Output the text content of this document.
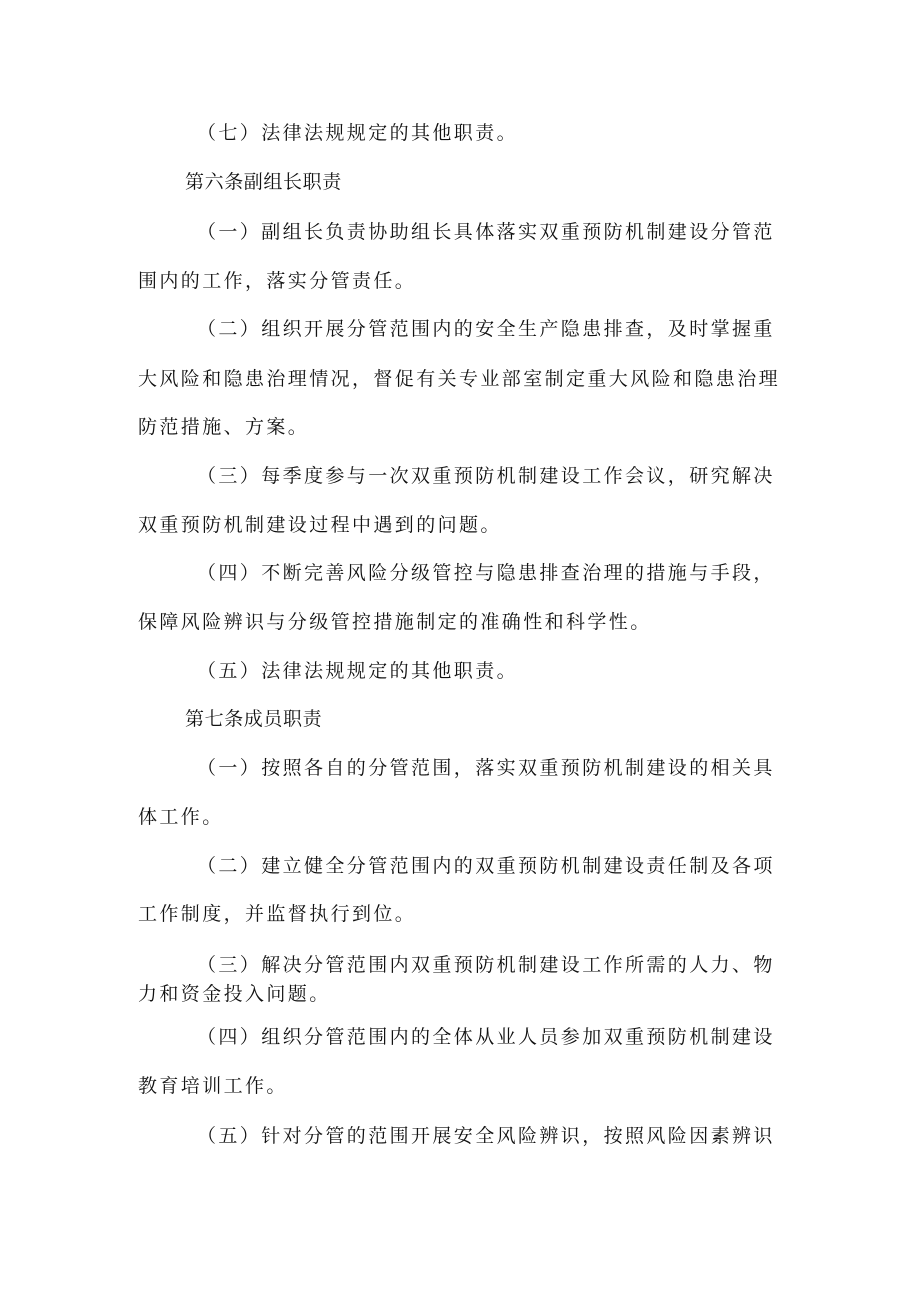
（七）法律法规规定的其他职责。
第六条副组长职责
（一）副组长负责协助组长具体落实双重预防机制建设分管范
围内的工作，落实分管责任。
（二）组织开展分管范围内的安全生产隐患排查，及时掌握重
大风险和隐患治理情况，督促有关专业部室制定重大风险和隐患治理
防范措施、方案。
（三）每季度参与一次双重预防机制建设工作会议，研究解决
双重预防机制建设过程中遇到的问题。
（四）不断完善风险分级管控与隐患排查治理的措施与手段，
保障风险辨识与分级管控措施制定的准确性和科学性。
（五）法律法规规定的其他职责。
第七条成员职责
（一）按照各自的分管范围，落实双重预防机制建设的相关具
体工作。
（二）建立健全分管范围内的双重预防机制建设责任制及各项
工作制度，并监督执行到位。
（三）解决分管范围内双重预防机制建设工作所需的人力、物
力和资金投入问题。
（四）组织分管范围内的全体从业人员参加双重预防机制建设
教育培训工作。
（五）针对分管的范围开展安全风险辨识，按照风险因素辨识
